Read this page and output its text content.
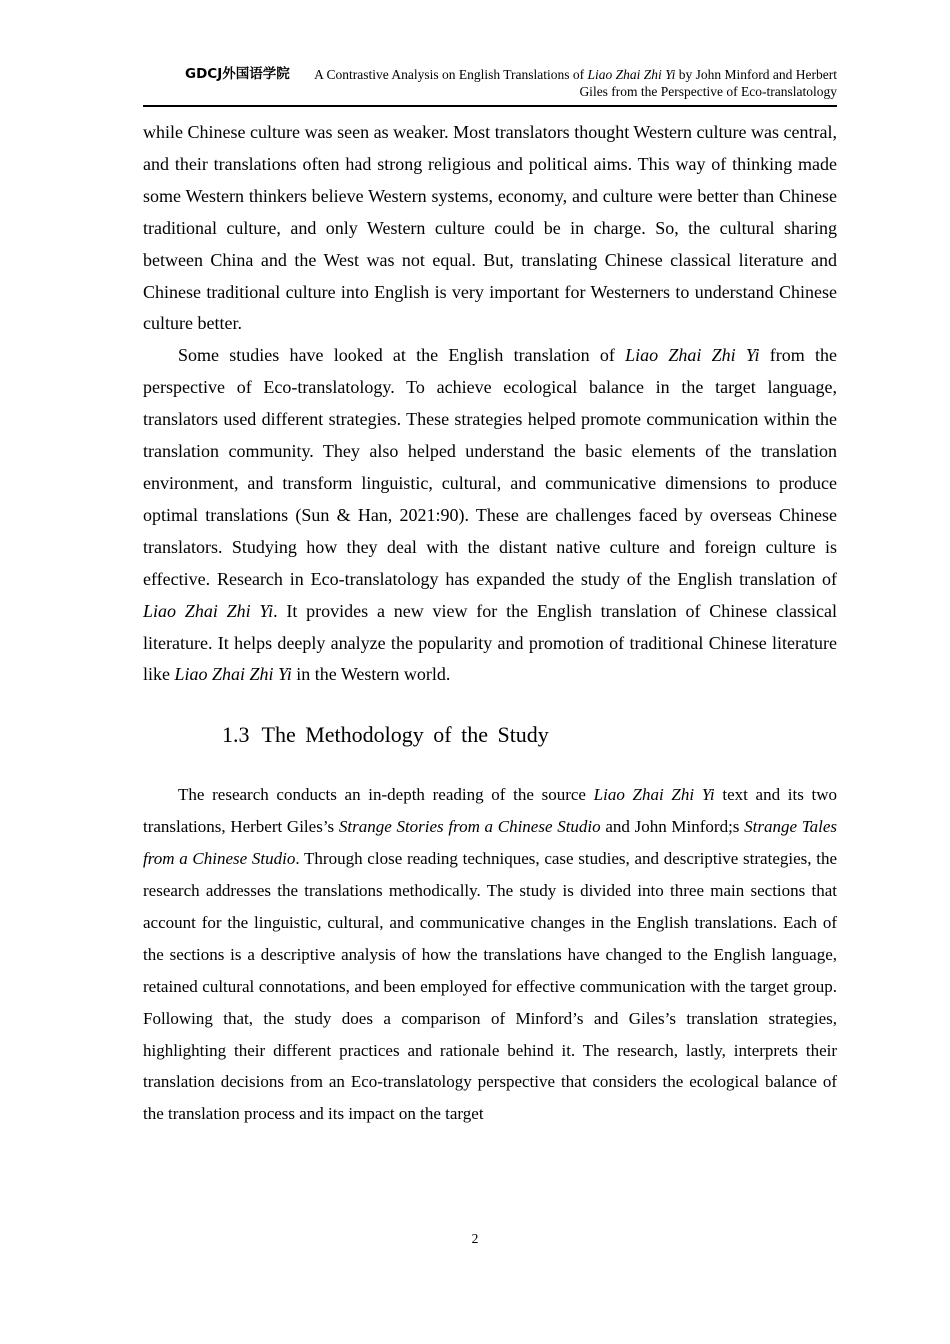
GDCJ外国语学院	A Contrastive Analysis on English Translations of Liao Zhai Zhi Yi by John Minford and Herbert Giles from the Perspective of Eco-translatology

while Chinese culture was seen as weaker. Most translators thought Western culture was central, and their translations often had strong religious and political aims. This way of thinking made some Western thinkers believe Western systems, economy, and culture were better than Chinese traditional culture, and only Western culture could be in charge. So, the cultural sharing between China and the West was not equal. But, translating Chinese classical literature and Chinese traditional culture into English is very important for Westerners to understand Chinese culture better.

Some studies have looked at the English translation of Liao Zhai Zhi Yi from the perspective of Eco-translatology. To achieve ecological balance in the target language, translators used different strategies. These strategies helped promote communication within the translation community. They also helped understand the basic elements of the translation environment, and transform linguistic, cultural, and communicative dimensions to produce optimal translations (Sun & Han, 2021:90). These are challenges faced by overseas Chinese translators. Studying how they deal with the distant native culture and foreign culture is effective. Research in Eco-translatology has expanded the study of the English translation of Liao Zhai Zhi Yi. It provides a new view for the English translation of Chinese classical literature. It helps deeply analyze the popularity and promotion of traditional Chinese literature like Liao Zhai Zhi Yi in the Western world.

1.3 The Methodology of the Study

The research conducts an in-depth reading of the source Liao Zhai Zhi Yi text and its two translations, Herbert Giles’s Strange Stories from a Chinese Studio and John Minford;s Strange Tales from a Chinese Studio. Through close reading techniques, case studies, and descriptive strategies, the research addresses the translations methodically. The study is divided into three main sections that account for the linguistic, cultural, and communicative changes in the English translations. Each of the sections is a descriptive analysis of how the translations have changed to the English language, retained cultural connotations, and been employed for effective communication with the target group. Following that, the study does a comparison of Minford’s and Giles’s translation strategies, highlighting their different practices and rationale behind it. The research, lastly, interprets their translation decisions from an Eco-translatology perspective that considers the ecological balance of the translation process and its impact on the target

2
